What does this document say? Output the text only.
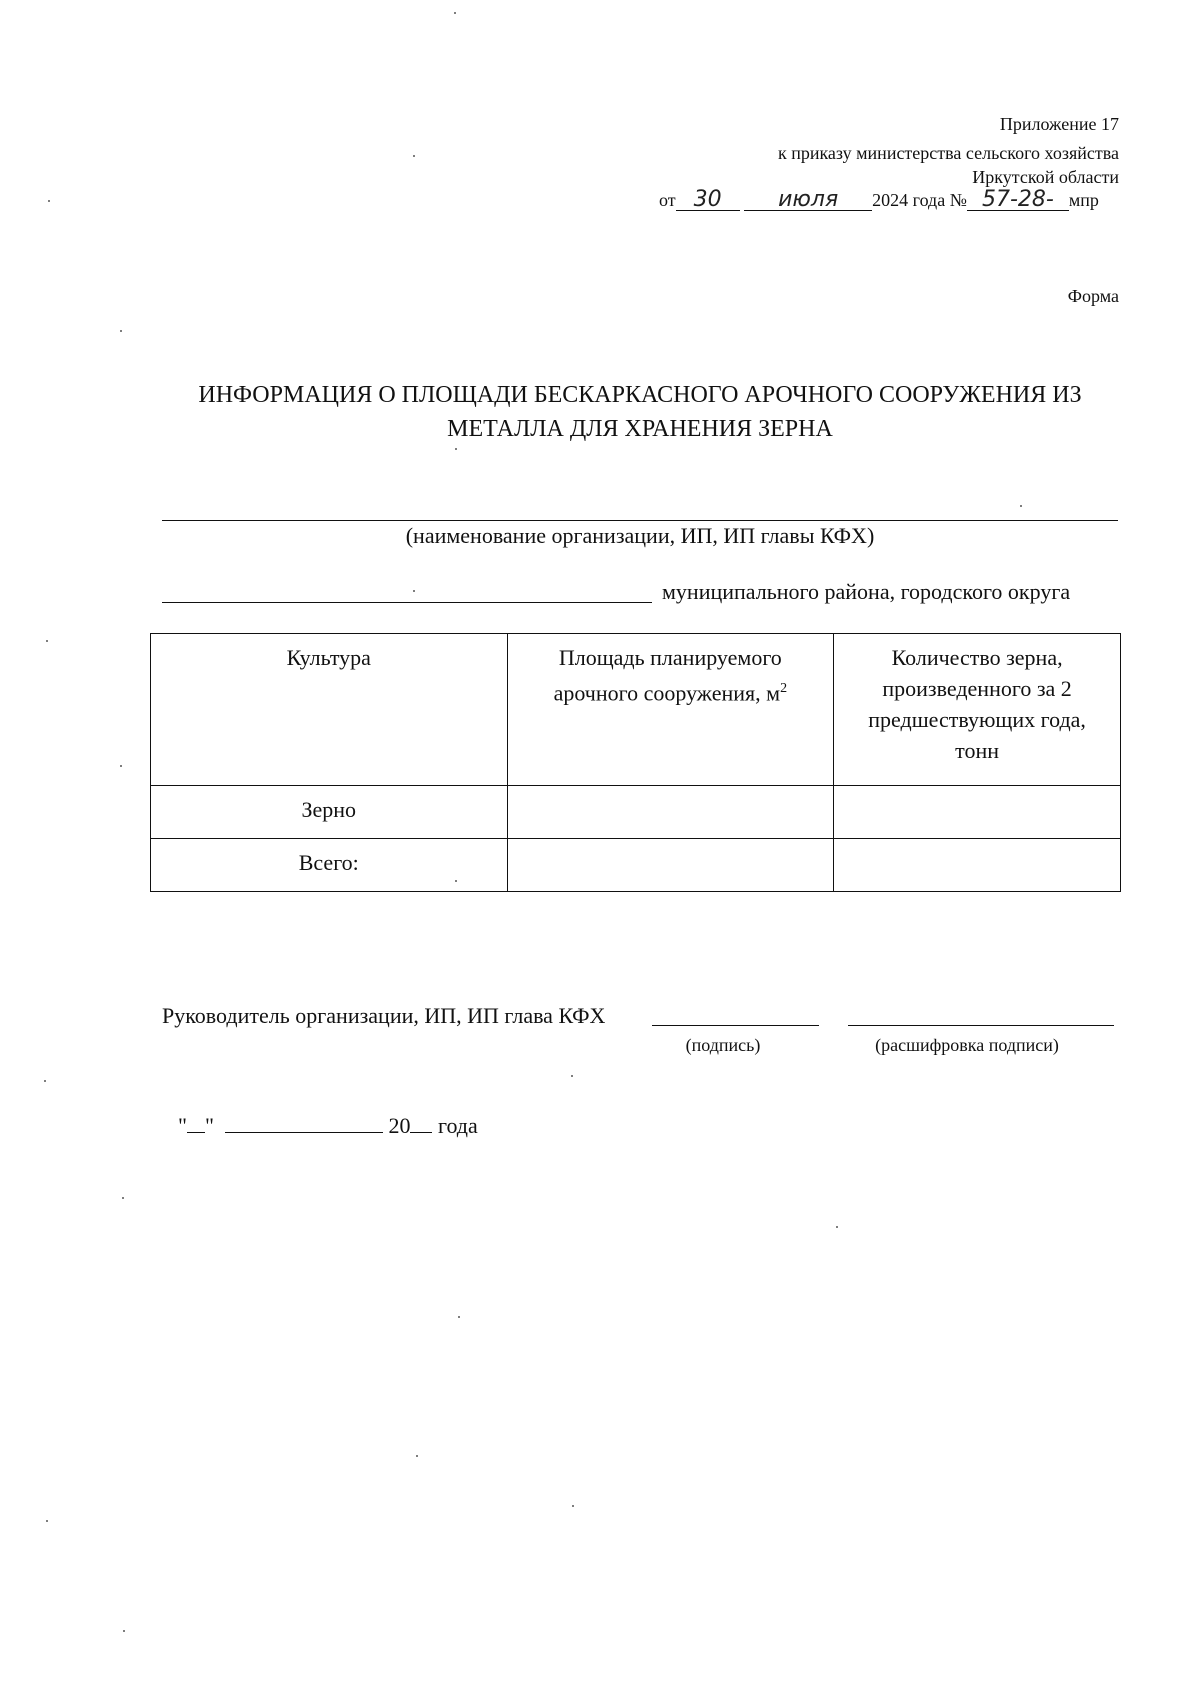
Приложение 17
к приказу министерства сельского хозяйства
Иркутской области
от 30	июля 2024 года № 57-28- мпр
Форма
ИНФОРМАЦИЯ О ПЛОЩАДИ БЕСКАРКАСНОГО АРОЧНОГО СООРУЖЕНИЯ ИЗ
МЕТАЛЛА ДЛЯ ХРАНЕНИЯ ЗЕРНА
(наименование организации, ИП, ИП главы КФХ)
муниципального района, городского округа
Культура	Площадь планируемого арочного сооружения, $м^2$	Количество зерна, произведенного за 2 предшествующих года, тонн
Зерно		
Всего:		
Руководитель организации, ИП, ИП глава КФХ
(подпись)	(расшифровка подписи)
" "	20 года
